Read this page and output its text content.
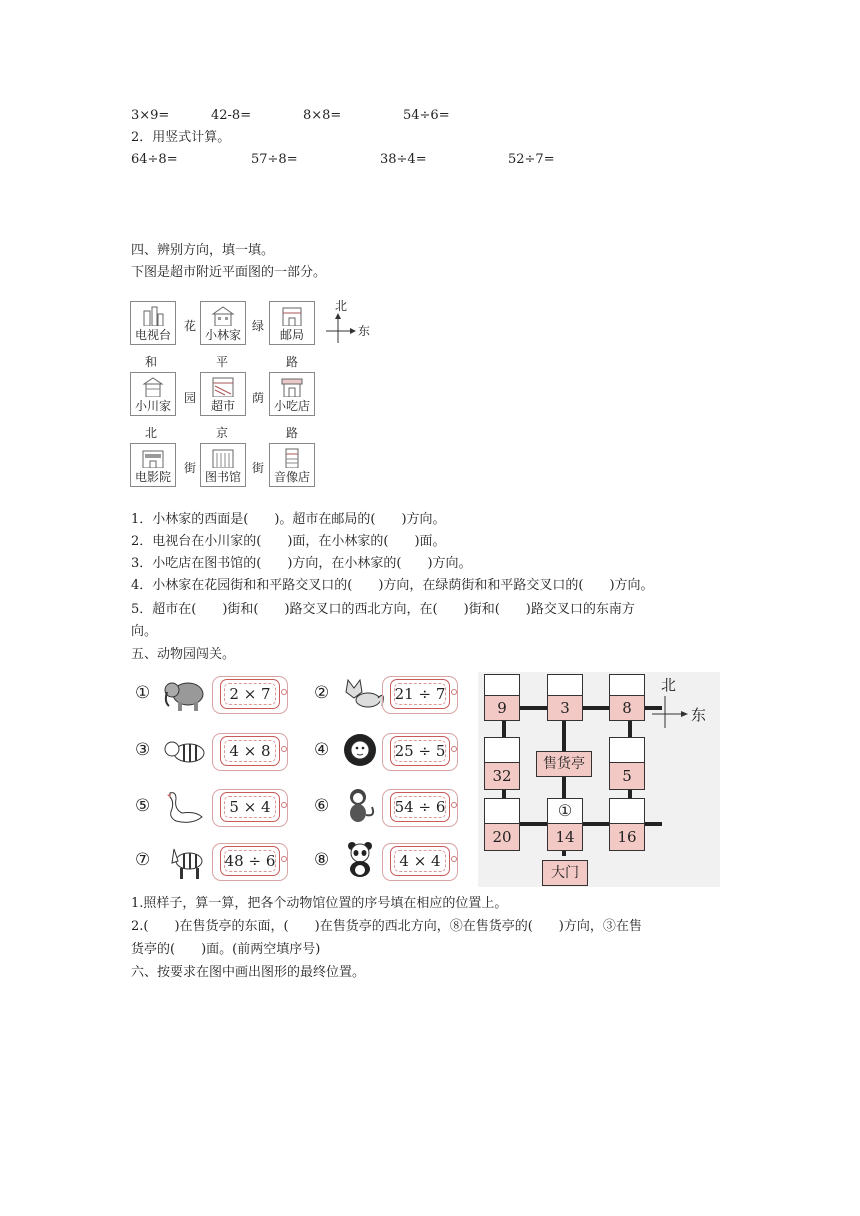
3×9=	42-8=	8×8=	54÷6=
2．用竖式计算。
64÷8=	57÷8=	38÷4=	52÷7=
四、辨别方向，填一填。
下图是超市附近平面图的一部分。
电视台
花
小林家
绿
邮局
北
东
和	平	路
小川家
园
超市
荫
小吃店
北	京	路
电影院
街
图书馆
街
音像店
1．小林家的西面是(　　)。超市在邮局的(　　)方向。
2．电视台在小川家的(　　)面，在小林家的(　　)面。
3．小吃店在图书馆的(　　)方向，在小林家的(　　)方向。
4．小林家在花园街和和平路交叉口的(　　)方向，在绿荫街和和平路交叉口的(　　)方向。
5．超市在(　　)街和(　　)路交叉口的西北方向，在(　　)街和(　　)路交叉口的东南方
向。
五、动物园闯关。
①	2 × 7
③	4 × 8
⑤	5 × 4
⑦	48 ÷ 6
②	21 ÷ 7
④	25 ÷ 5
⑥	54 ÷ 6
⑧	4 × 4
9	3	8
32
售货亭
5
20
①
14	16
大门
北
东
1.照样子，算一算，把各个动物馆位置的序号填在相应的位置上。
2.(　　)在售货亭的东面，(　　)在售货亭的西北方向，⑧在售货亭的(　　)方向，③在售
货亭的(　　)面。(前两空填序号)
六、按要求在图中画出图形的最终位置。
